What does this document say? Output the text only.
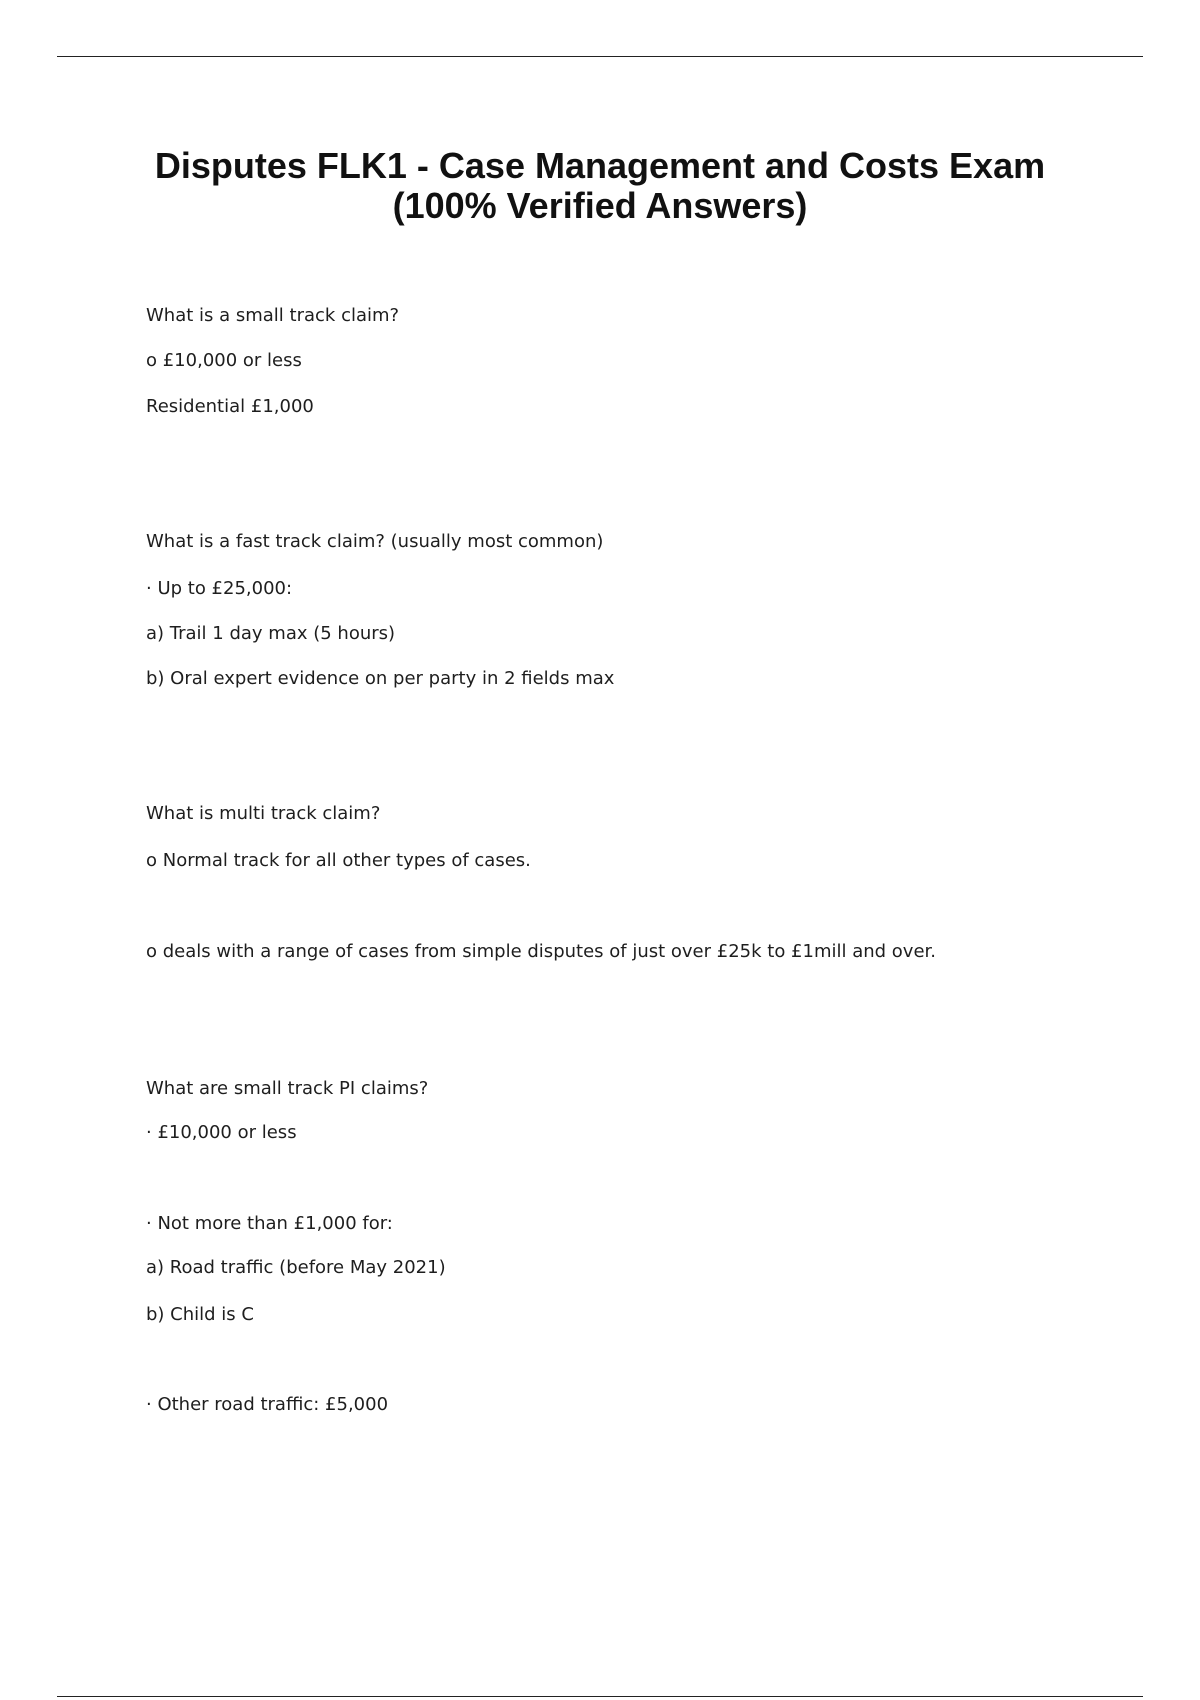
Disputes FLK1 - Case Management and Costs Exam
(100% Verified Answers)
What is a small track claim?
o £10,000 or less
Residential £1,000
What is a fast track claim? (usually most common)
· Up to £25,000:
a) Trail 1 day max (5 hours)
b) Oral expert evidence on per party in 2 fields max
What is multi track claim?
o Normal track for all other types of cases.
o deals with a range of cases from simple disputes of just over £25k to £1mill and over.
What are small track PI claims?
· £10,000 or less
· Not more than £1,000 for:
a) Road traffic (before May 2021)
b) Child is C
· Other road traffic: £5,000
